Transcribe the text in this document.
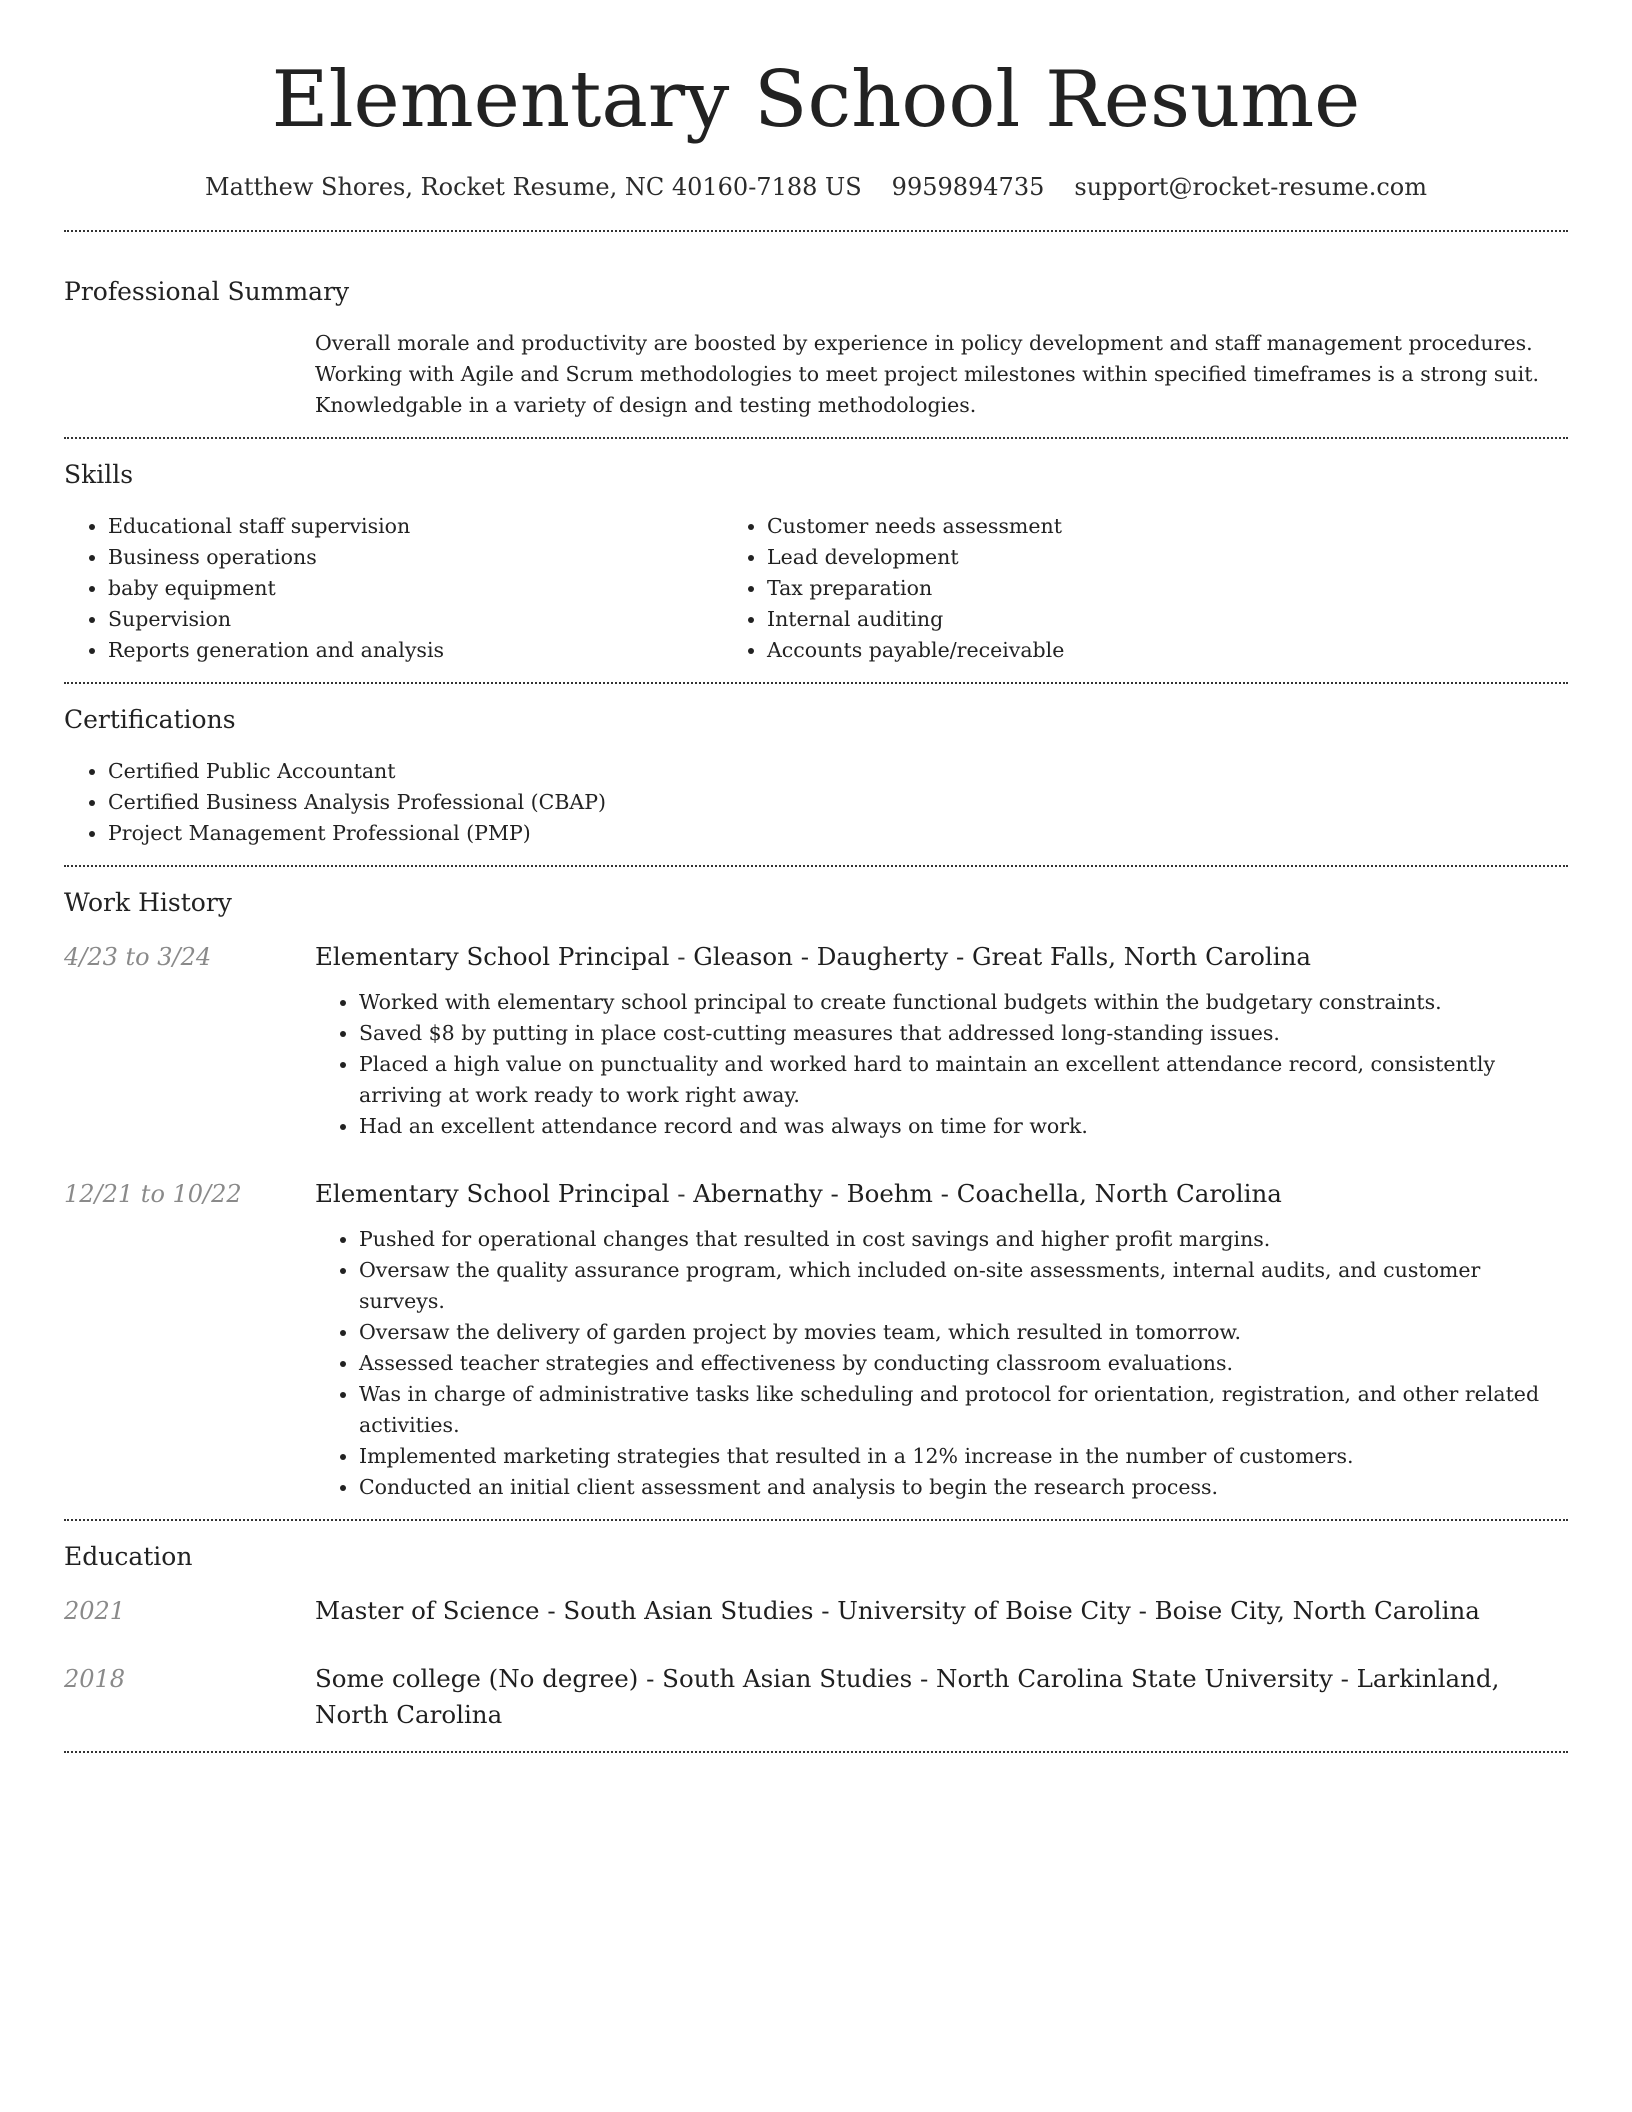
Elementary School Resume
Matthew Shores, Rocket Resume, NC 40160-7188 US 9959894735 support@rocket-resume.com
Professional Summary

Overall morale and productivity are boosted by experience in policy development and staff management procedures. Working with Agile and Scrum methodologies to meet project milestones within specified timeframes is a strong suit. Knowledgable in a variety of design and testing methodologies.

Skills
• Educational staff supervision
• Business operations
• baby equipment
• Supervision
• Reports generation and analysis
• Customer needs assessment
• Lead development
• Tax preparation
• Internal auditing
• Accounts payable/receivable
Certifications
• Certified Public Accountant
• Certified Business Analysis Professional (CBAP)
• Project Management Professional (PMP)
Work History
4/23 to 3/24	Elementary School Principal - Gleason - Daugherty - Great Falls, North Carolina
• Worked with elementary school principal to create functional budgets within the budgetary constraints.
• Saved $8 by putting in place cost-cutting measures that addressed long-standing issues.
• Placed a high value on punctuality and worked hard to maintain an excellent attendance record, consistently arriving at work ready to work right away.
• Had an excellent attendance record and was always on time for work.
12/21 to 10/22	Elementary School Principal - Abernathy - Boehm - Coachella, North Carolina
• Pushed for operational changes that resulted in cost savings and higher profit margins.
• Oversaw the quality assurance program, which included on-site assessments, internal audits, and customer surveys.
• Oversaw the delivery of garden project by movies team, which resulted in tomorrow.
• Assessed teacher strategies and effectiveness by conducting classroom evaluations.
• Was in charge of administrative tasks like scheduling and protocol for orientation, registration, and other related activities.
• Implemented marketing strategies that resulted in a 12% increase in the number of customers.
• Conducted an initial client assessment and analysis to begin the research process.
Education
2021	Master of Science - South Asian Studies - University of Boise City - Boise City, North Carolina
2018	Some college (No degree) - South Asian Studies - North Carolina State University - Larkinland, North Carolina
